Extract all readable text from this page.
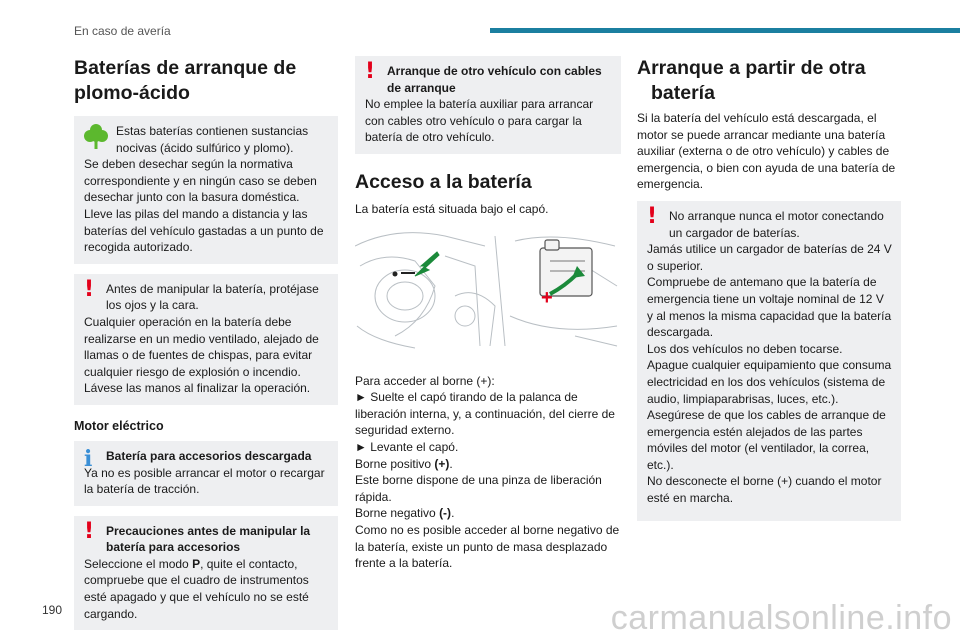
En caso de avería
Baterías de arranque de plomo-ácido

Estas baterías contienen sustancias nocivas (ácido sulfúrico y plomo).

Se deben desechar según la normativa correspondiente y en ningún caso se deben desechar junto con la basura doméstica. Lleve las pilas del mando a distancia y las baterías del vehículo gastadas a un punto de recogida autorizado.

! Antes de manipular la batería, protéjase los ojos y la cara.

Cualquier operación en la batería debe realizarse en un medio ventilado, alejado de llamas o de fuentes de chispas, para evitar cualquier riesgo de explosión o incendio. Lávese las manos al finalizar la operación.

Motor eléctrico
i	Batería para accesorios descargada

Ya no es posible arrancar el motor o recargar la batería de tracción.

! Precauciones antes de manipular la batería para accesorios

Seleccione el modo P, quite el contacto, compruebe que el cuadro de instrumentos esté apagado y que el vehículo no se esté cargando.

! Arranque de otro vehículo con cables de arranque

No emplee la batería auxiliar para arrancar con cables otro vehículo o para cargar la batería de otro vehículo.

Acceso a la batería

La batería está situada bajo el capó.

+

Para acceder al borne (+):

► Suelte el capó tirando de la palanca de liberación interna, y, a continuación, del cierre de seguridad externo.

► Levante el capó.

Borne positivo (+).

Este borne dispone de una pinza de liberación rápida.

Borne negativo (-).

Como no es posible acceder al borne negativo de la batería, existe un punto de masa desplazado frente a la batería.

Arranque a partir de otra
batería

Si la batería del vehículo está descargada, el motor se puede arrancar mediante una batería auxiliar (externa o de otro vehículo) y cables de emergencia, o bien con ayuda de una batería de emergencia.

! No arranque nunca el motor conectando un cargador de baterías.

Jamás utilice un cargador de baterías de 24 V o superior.

Compruebe de antemano que la batería de emergencia tiene un voltaje nominal de 12 V y al menos la misma capacidad que la batería descargada.

Los dos vehículos no deben tocarse.

Apague cualquier equipamiento que consuma electricidad en los dos vehículos (sistema de audio, limpiaparabrisas, luces, etc.).

Asegúrese de que los cables de arranque de emergencia estén alejados de las partes móviles del motor (el ventilador, la correa, etc.).

No desconecte el borne (+) cuando el motor esté en marcha.

190	carmanualsonline.info
